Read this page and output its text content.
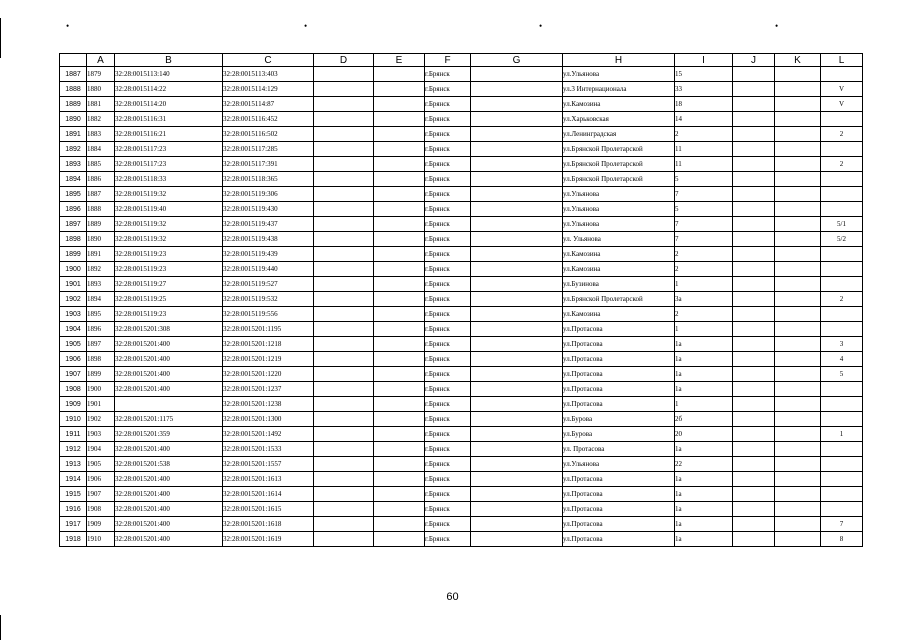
•	•	•	•
	A	B	C	D	E	F	G	H	I	J	K	L
1887	1879	32:28:0015113:140	32:28:0015113:403			г.Брянск		ул.Ульянова	15			
1888	1880	32:28:0015114:22	32:28:0015114:129			г.Брянск		ул.3 Интернационала	33			V
1889	1881	32:28:0015114:20	32:28:0015114:87			г.Брянск		ул.Камозина	18			V
1890	1882	32:28:0015116:31	32:28:0015116:452			г.Брянск		ул.Харьковская	14			
1891	1883	32:28:0015116:21	32:28:0015116:502			г.Брянск		ул.Ленинградская	2			2
1892	1884	32:28:0015117:23	32:28:0015117:285			г.Брянск		ул.Брянской Пролетарской	11			
1893	1885	32:28:0015117:23	32:28:0015117:391			г.Брянск		ул.Брянской Пролетарской	11			2
1894	1886	32:28:0015118:33	32:28:0015118:365			г.Брянск		ул.Брянской Пролетарской	5			
1895	1887	32:28:0015119:32	32:28:0015119:306			г.Брянск		ул.Ульянова	7			
1896	1888	32:28:0015119:40	32:28:0015119:430			г.Брянск		ул.Ульянова	5			
1897	1889	32:28:0015119:32	32:28:0015119:437			г.Брянск		ул.Ульянова	7			5/1
1898	1890	32:28:0015119:32	32:28:0015119:438			г.Брянск		ул. Ульянова	7			5/2
1899	1891	32:28:0015119:23	32:28:0015119:439			г.Брянск		ул.Камозина	2			
1900	1892	32:28:0015119:23	32:28:0015119:440			г.Брянск		ул.Камозина	2			
1901	1893	32:28:0015119:27	32:28:0015119:527			г.Брянск		ул.Бузинова	1			
1902	1894	32:28:0015119:25	32:28:0015119:532			г.Брянск		ул.Брянской Пролетарской	3а			2
1903	1895	32:28:0015119:23	32:28:0015119:556			г.Брянск		ул.Камозина	2			
1904	1896	32:28:0015201:308	32:28:0015201:1195			г.Брянск		ул.Протасова	1			
1905	1897	32:28:0015201:400	32:28:0015201:1218			г.Брянск		ул.Протасова	1а			3
1906	1898	32:28:0015201:400	32:28:0015201:1219			г.Брянск		ул.Протасова	1а			4
1907	1899	32:28:0015201:400	32:28:0015201:1220			г.Брянск		ул.Протасова	1а			5
1908	1900	32:28:0015201:400	32:28:0015201:1237			г.Брянск		ул.Протасова	1а			
1909	1901		32:28:0015201:1238			г.Брянск		ул.Протасова	1			
1910	1902	32:28:0015201:1175	32:28:0015201:1300			г.Брянск		ул.Бурова	2б			
1911	1903	32:28:0015201:359	32:28:0015201:1492			г.Брянск		ул.Бурова	20			1
1912	1904	32:28:0015201:400	32:28:0015201:1533			г.Брянск		ул. Протасова	1а			
1913	1905	32:28:0015201:538	32:28:0015201:1557			г.Брянск		ул.Ульянова	22			
1914	1906	32:28:0015201:400	32:28:0015201:1613			г.Брянск		ул.Протасова	1а			
1915	1907	32:28:0015201:400	32:28:0015201:1614			г.Брянск		ул.Протасова	1а			
1916	1908	32:28:0015201:400	32:28:0015201:1615			г.Брянск		ул.Протасова	1а			
1917	1909	32:28:0015201:400	32:28:0015201:1618			г.Брянск		ул.Протасова	1а			7
1918	1910	32:28:0015201:400	32:28:0015201:1619			г.Брянск		ул.Протасова	1а			8
60
